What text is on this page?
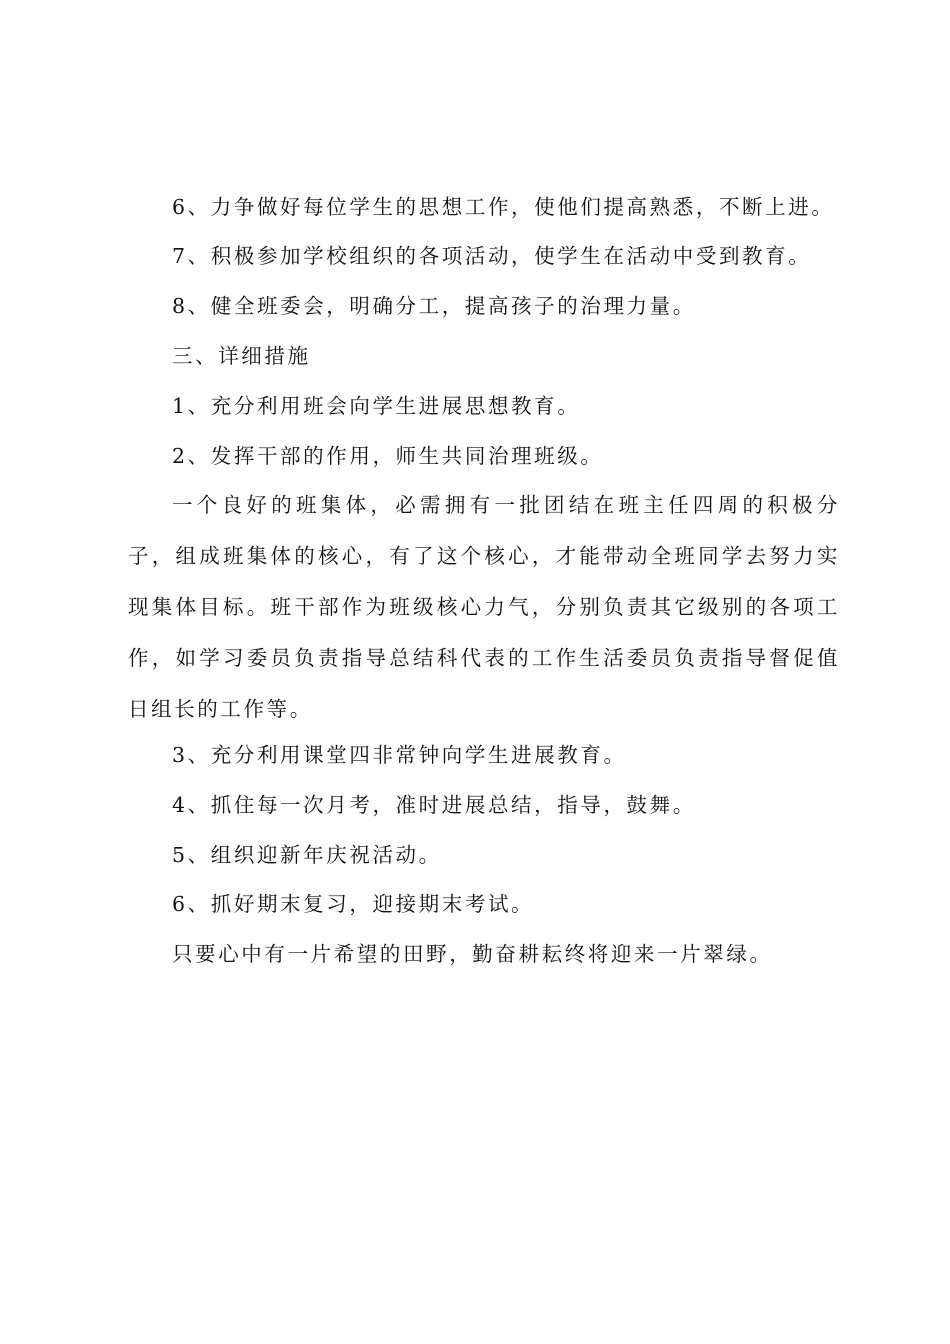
6、力争做好每位学生的思想工作，使他们提高熟悉，不断上进。
7、积极参加学校组织的各项活动，使学生在活动中受到教育。
8、健全班委会，明确分工，提高孩子的治理力量。
三、详细措施
1、充分利用班会向学生进展思想教育。
2、发挥干部的作用，师生共同治理班级。
一个良好的班集体，必需拥有一批团结在班主任四周的积极分子，组成班集体的核心，有了这个核心，才能带动全班同学去努力实现集体目标。班干部作为班级核心力气，分别负责其它级别的各项工作，如学习委员负责指导总结科代表的工作生活委员负责指导督促值日组长的工作等。
3、充分利用课堂四非常钟向学生进展教育。
4、抓住每一次月考，准时进展总结，指导，鼓舞。
5、组织迎新年庆祝活动。
6、抓好期末复习，迎接期末考试。
只要心中有一片希望的田野，勤奋耕耘终将迎来一片翠绿。
